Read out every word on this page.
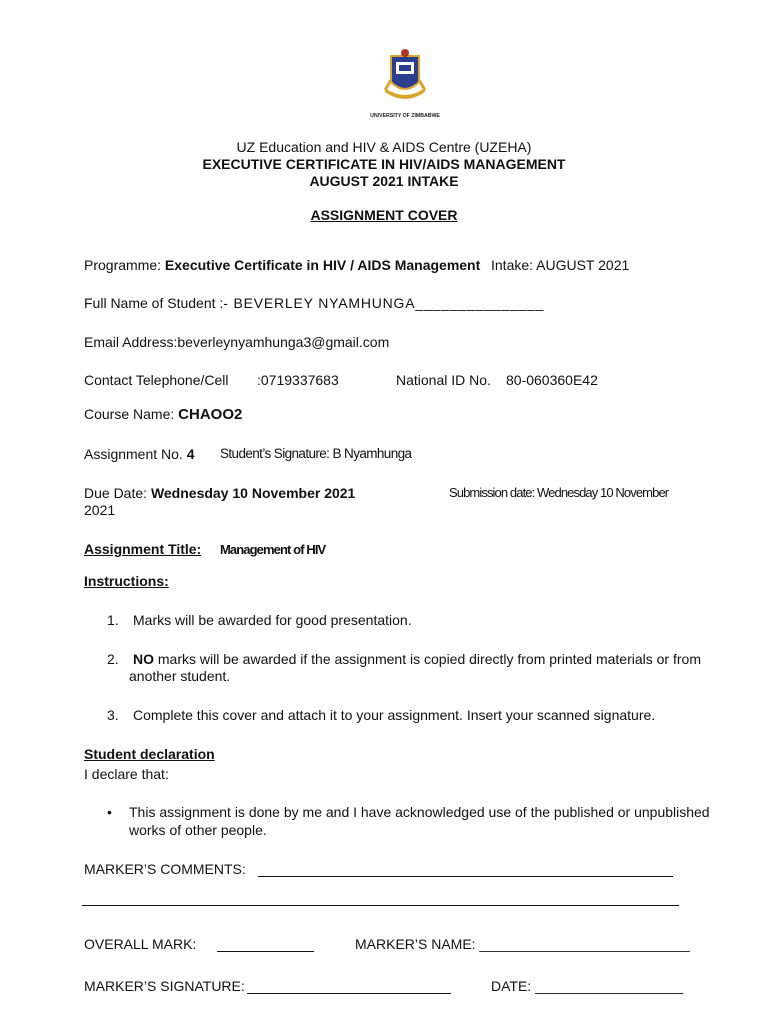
UNIVERSITY OF ZIMBABWE
UZ Education and HIV & AIDS Centre (UZEHA)
EXECUTIVE CERTIFICATE IN HIV/AIDS MANAGEMENT
AUGUST 2021 INTAKE
ASSIGNMENT COVER
Programme: Executive Certificate in HIV / AIDS Management Intake: AUGUST 2021
Full Name of Student :- BEVERLEY NYAMHUNGA_______________
Email Address:beverleynyamhunga3@gmail.com
Contact Telephone/Cell :0719337683	National ID No. 80-060360E42
Course Name: CHAOO2
Assignment No. 4 Student’s Signature: B Nyamhunga
Due Date: Wednesday 10 November 2021	Submission date: Wednesday 10 November
2021
Assignment Title: Management of HIV
Instructions:
1. Marks will be awarded for good presentation.
2. NO marks will be awarded if the assignment is copied directly from printed materials or from
another student.
3. Complete this cover and attach it to your assignment. Insert your scanned signature.
Student declaration
I declare that:
• This assignment is done by me and I have acknowledged use of the published or unpublished
works of other people.
MARKER’S COMMENTS:
OVERALL MARK:	MARKER’S NAME: ___________________________
MARKER’S SIGNATURE:	DATE: ___________________
